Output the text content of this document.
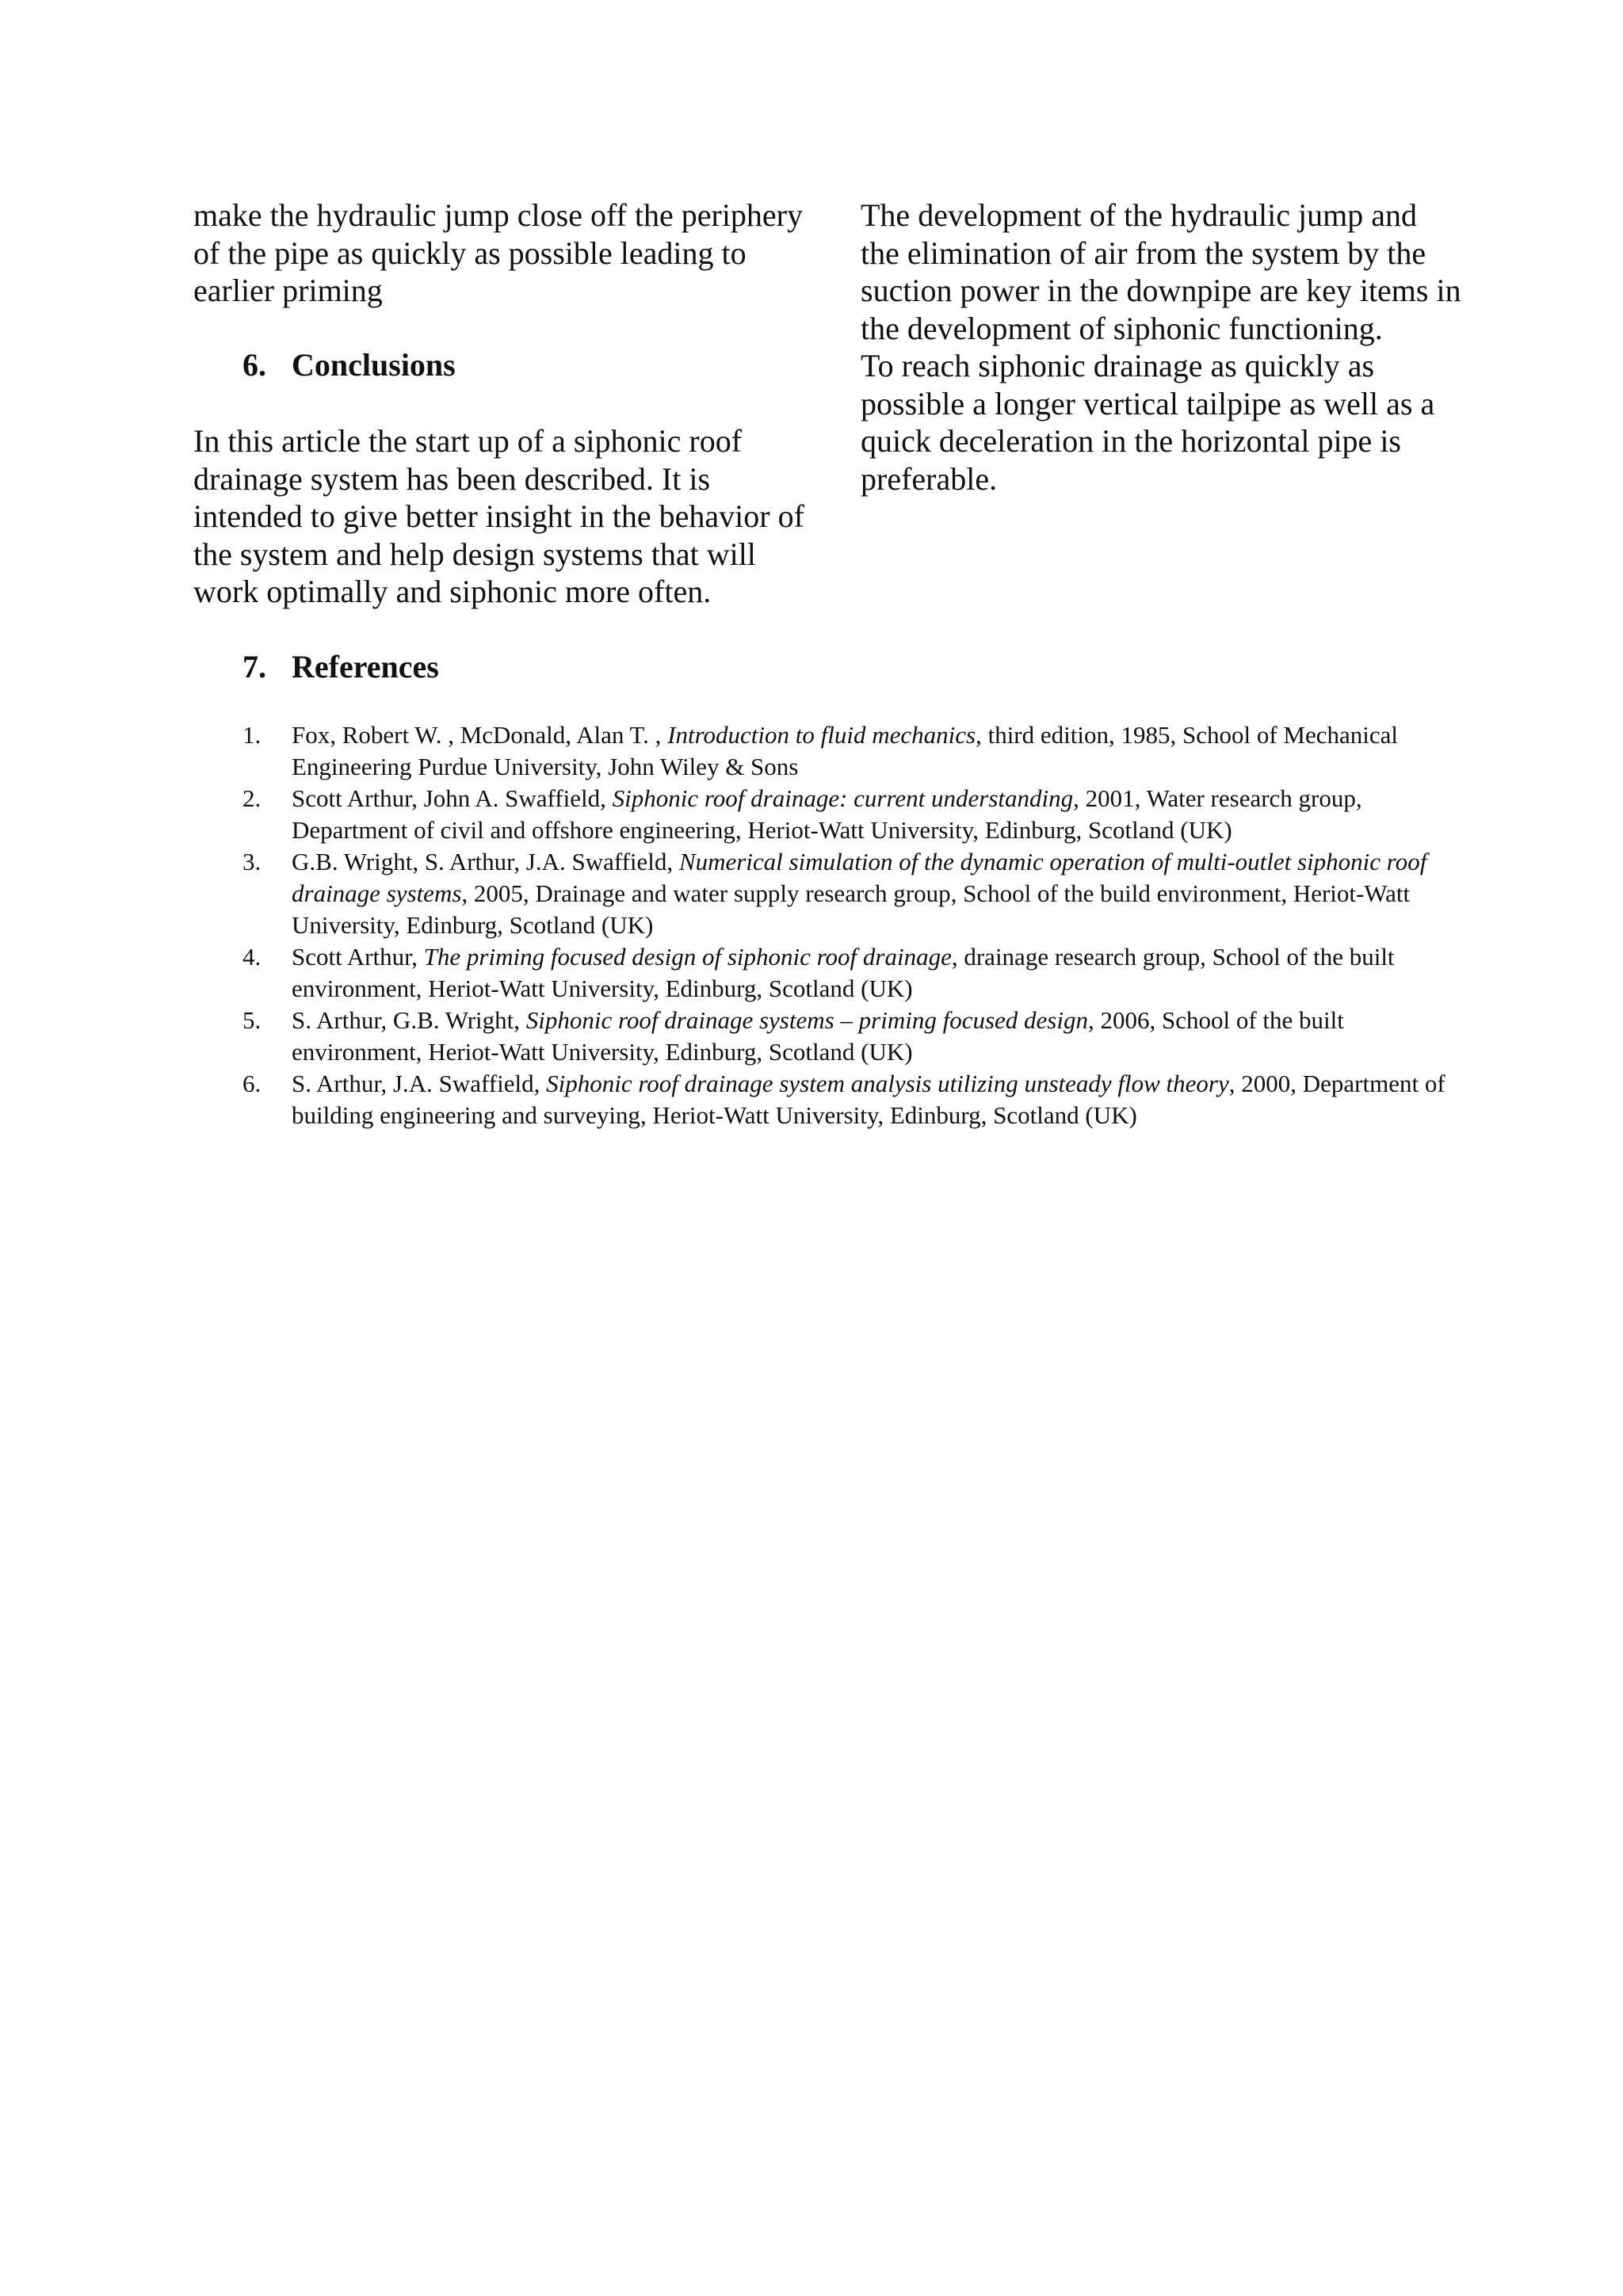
make the hydraulic jump close off the periphery of the pipe as quickly as possible leading to earlier priming

6. Conclusions

In this article the start up of a siphonic roof drainage system has been described. It is intended to give better insight in the behavior of the system and help design systems that will work optimally and siphonic more often.

The development of the hydraulic jump and the elimination of air from the system by the suction power in the downpipe are key items in the development of siphonic functioning.

To reach siphonic drainage as quickly as possible a longer vertical tailpipe as well as a quick deceleration in the horizontal pipe is preferable.

7. References
1. Fox, Robert W. , McDonald, Alan T. , Introduction to fluid mechanics, third edition, 1985, School of Mechanical Engineering Purdue University, John Wiley & Sons
2. Scott Arthur, John A. Swaffield, Siphonic roof drainage: current understanding, 2001, Water research group, Department of civil and offshore engineering, Heriot-Watt University, Edinburg, Scotland (UK)
3. G.B. Wright, S. Arthur, J.A. Swaffield, Numerical simulation of the dynamic operation of multi-outlet siphonic roof drainage systems, 2005, Drainage and water supply research group, School of the build environment, Heriot-Watt University, Edinburg, Scotland (UK)
4. Scott Arthur, The priming focused design of siphonic roof drainage, drainage research group, School of the built environment, Heriot-Watt University, Edinburg, Scotland (UK)
5. S. Arthur, G.B. Wright, Siphonic roof drainage systems – priming focused design, 2006, School of the built environment, Heriot-Watt University, Edinburg, Scotland (UK)
6. S. Arthur, J.A. Swaffield, Siphonic roof drainage system analysis utilizing unsteady flow theory, 2000, Department of building engineering and surveying, Heriot-Watt University, Edinburg, Scotland (UK)
